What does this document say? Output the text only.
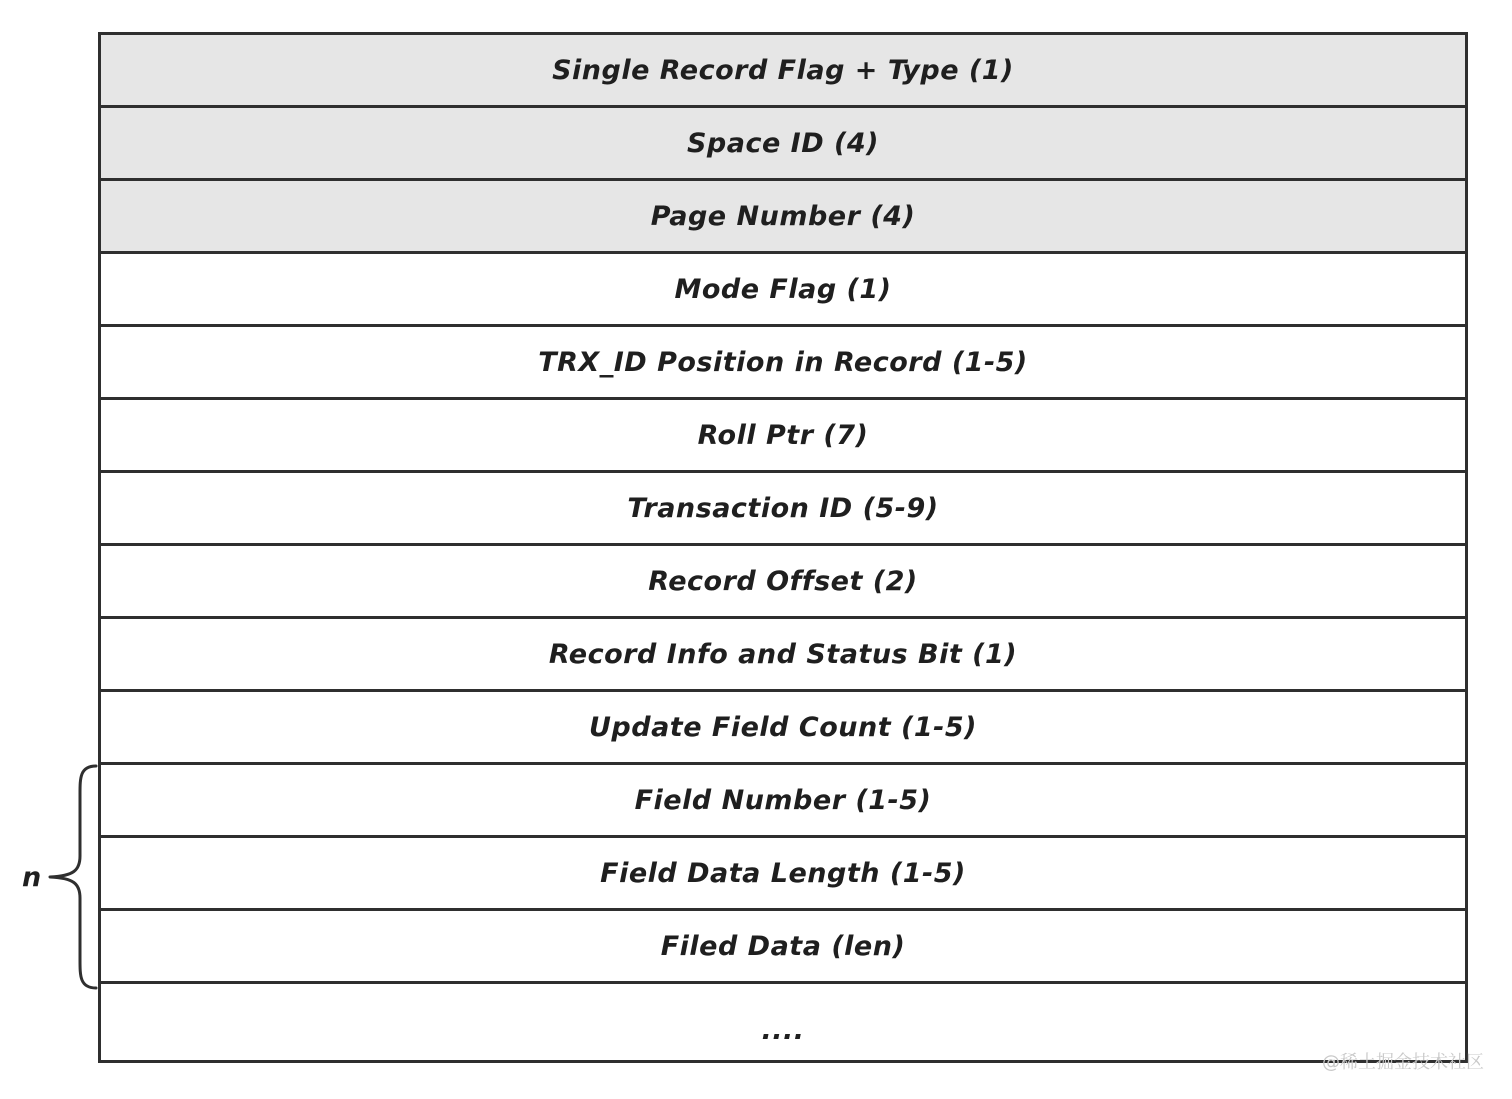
Single Record Flag + Type (1)
Space ID (4)
Page Number (4)
Mode Flag (1)
TRX_ID Position in Record (1-5)
Roll Ptr (7)
Transaction ID (5-9)
Record Offset (2)
Record Info and Status Bit (1)
Update Field Count (1-5)
Field Number (1-5)
Field Data Length (1-5)
Filed Data (len)
....
n
@稀土掘金技术社区
